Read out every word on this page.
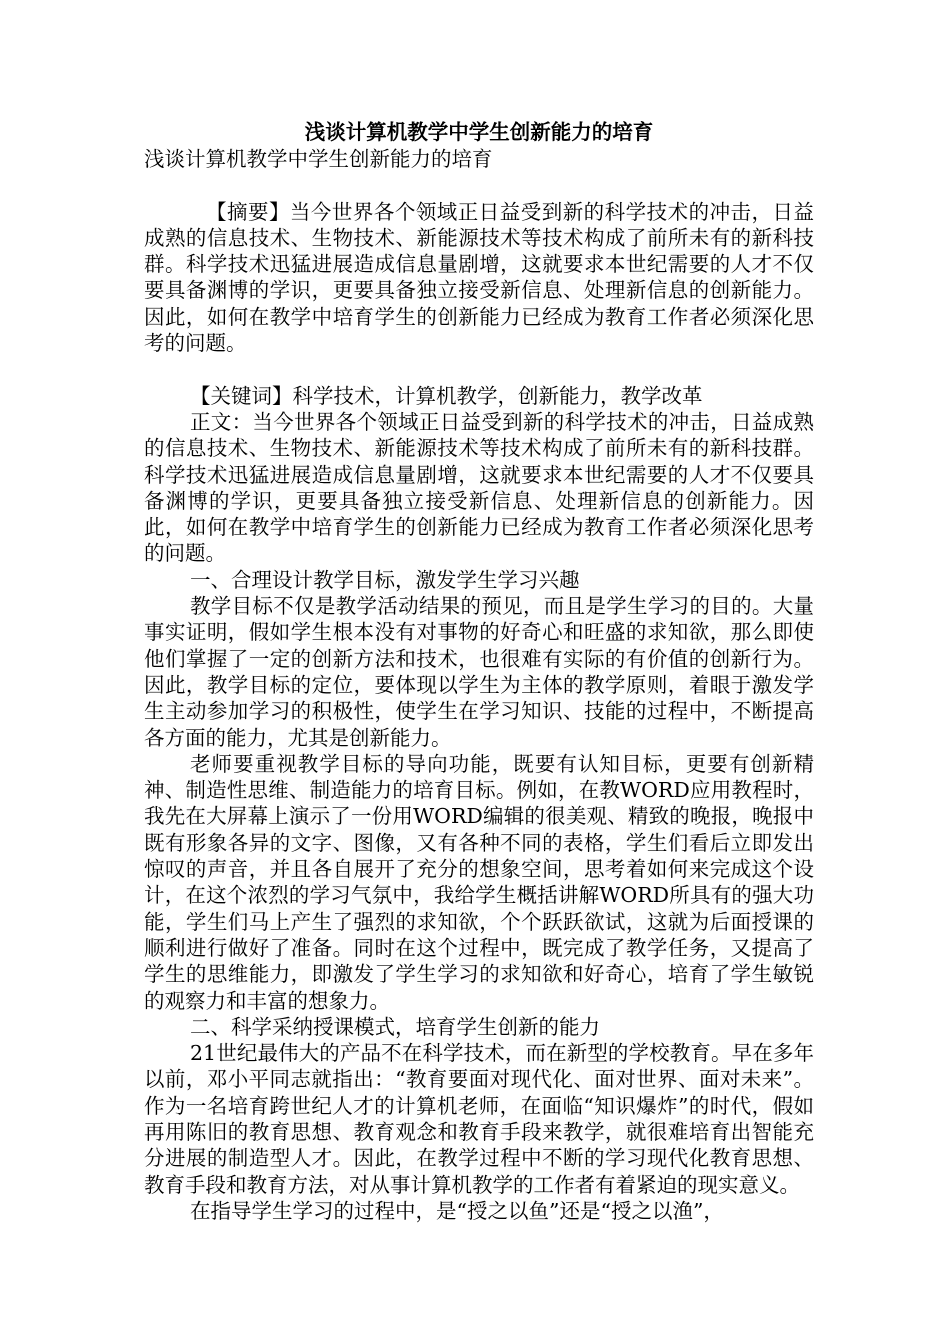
浅谈计算机教学中学生创新能力的培育

浅谈计算机教学中学生创新能力的培育

【摘要】当今世界各个领域正日益受到新的科学技术的冲击，日益成熟的信息技术、生物技术、新能源技术等技术构成了前所未有的新科技群。科学技术迅猛进展造成信息量剧增，这就要求本世纪需要的人才不仅要具备渊博的学识，更要具备独立接受新信息、处理新信息的创新能力。因此，如何在教学中培育学生的创新能力已经成为教育工作者必须深化思考的问题。

【关键词】科学技术，计算机教学，创新能力，教学改革

正文：当今世界各个领域正日益受到新的科学技术的冲击，日益成熟的信息技术、生物技术、新能源技术等技术构成了前所未有的新科技群。科学技术迅猛进展造成信息量剧增，这就要求本世纪需要的人才不仅要具备渊博的学识，更要具备独立接受新信息、处理新信息的创新能力。因此，如何在教学中培育学生的创新能力已经成为教育工作者必须深化思考的问题。

一、合理设计教学目标，激发学生学习兴趣

教学目标不仅是教学活动结果的预见，而且是学生学习的目的。大量事实证明，假如学生根本没有对事物的好奇心和旺盛的求知欲，那么即使他们掌握了一定的创新方法和技术，也很难有实际的有价值的创新行为。因此，教学目标的定位，要体现以学生为主体的教学原则，着眼于激发学生主动参加学习的积极性，使学生在学习知识、技能的过程中，不断提高各方面的能力，尤其是创新能力。

老师要重视教学目标的导向功能，既要有认知目标，更要有创新精神、制造性思维、制造能力的培育目标。例如，在教WORD应用教程时，我先在大屏幕上演示了一份用WORD编辑的很美观、精致的晚报，晚报中既有形象各异的文字、图像，又有各种不同的表格，学生们看后立即发出惊叹的声音，并且各自展开了充分的想象空间，思考着如何来完成这个设计，在这个浓烈的学习气氛中，我给学生概括讲解WORD所具有的强大功能，学生们马上产生了强烈的求知欲，个个跃跃欲试，这就为后面授课的顺利进行做好了准备。同时在这个过程中，既完成了教学任务，又提高了学生的思维能力，即激发了学生学习的求知欲和好奇心，培育了学生敏锐的观察力和丰富的想象力。

二、科学采纳授课模式，培育学生创新的能力

21世纪最伟大的产品不在科学技术，而在新型的学校教育。早在多年以前，邓小平同志就指出：“教育要面对现代化、面对世界、面对未来”。作为一名培育跨世纪人才的计算机老师，在面临“知识爆炸”的时代，假如再用陈旧的教育思想、教育观念和教育手段来教学，就很难培育出智能充分进展的制造型人才。因此，在教学过程中不断的学习现代化教育思想、教育手段和教育方法，对从事计算机教学的工作者有着紧迫的现实意义。

在指导学生学习的过程中，是“授之以鱼”还是“授之以渔”，
